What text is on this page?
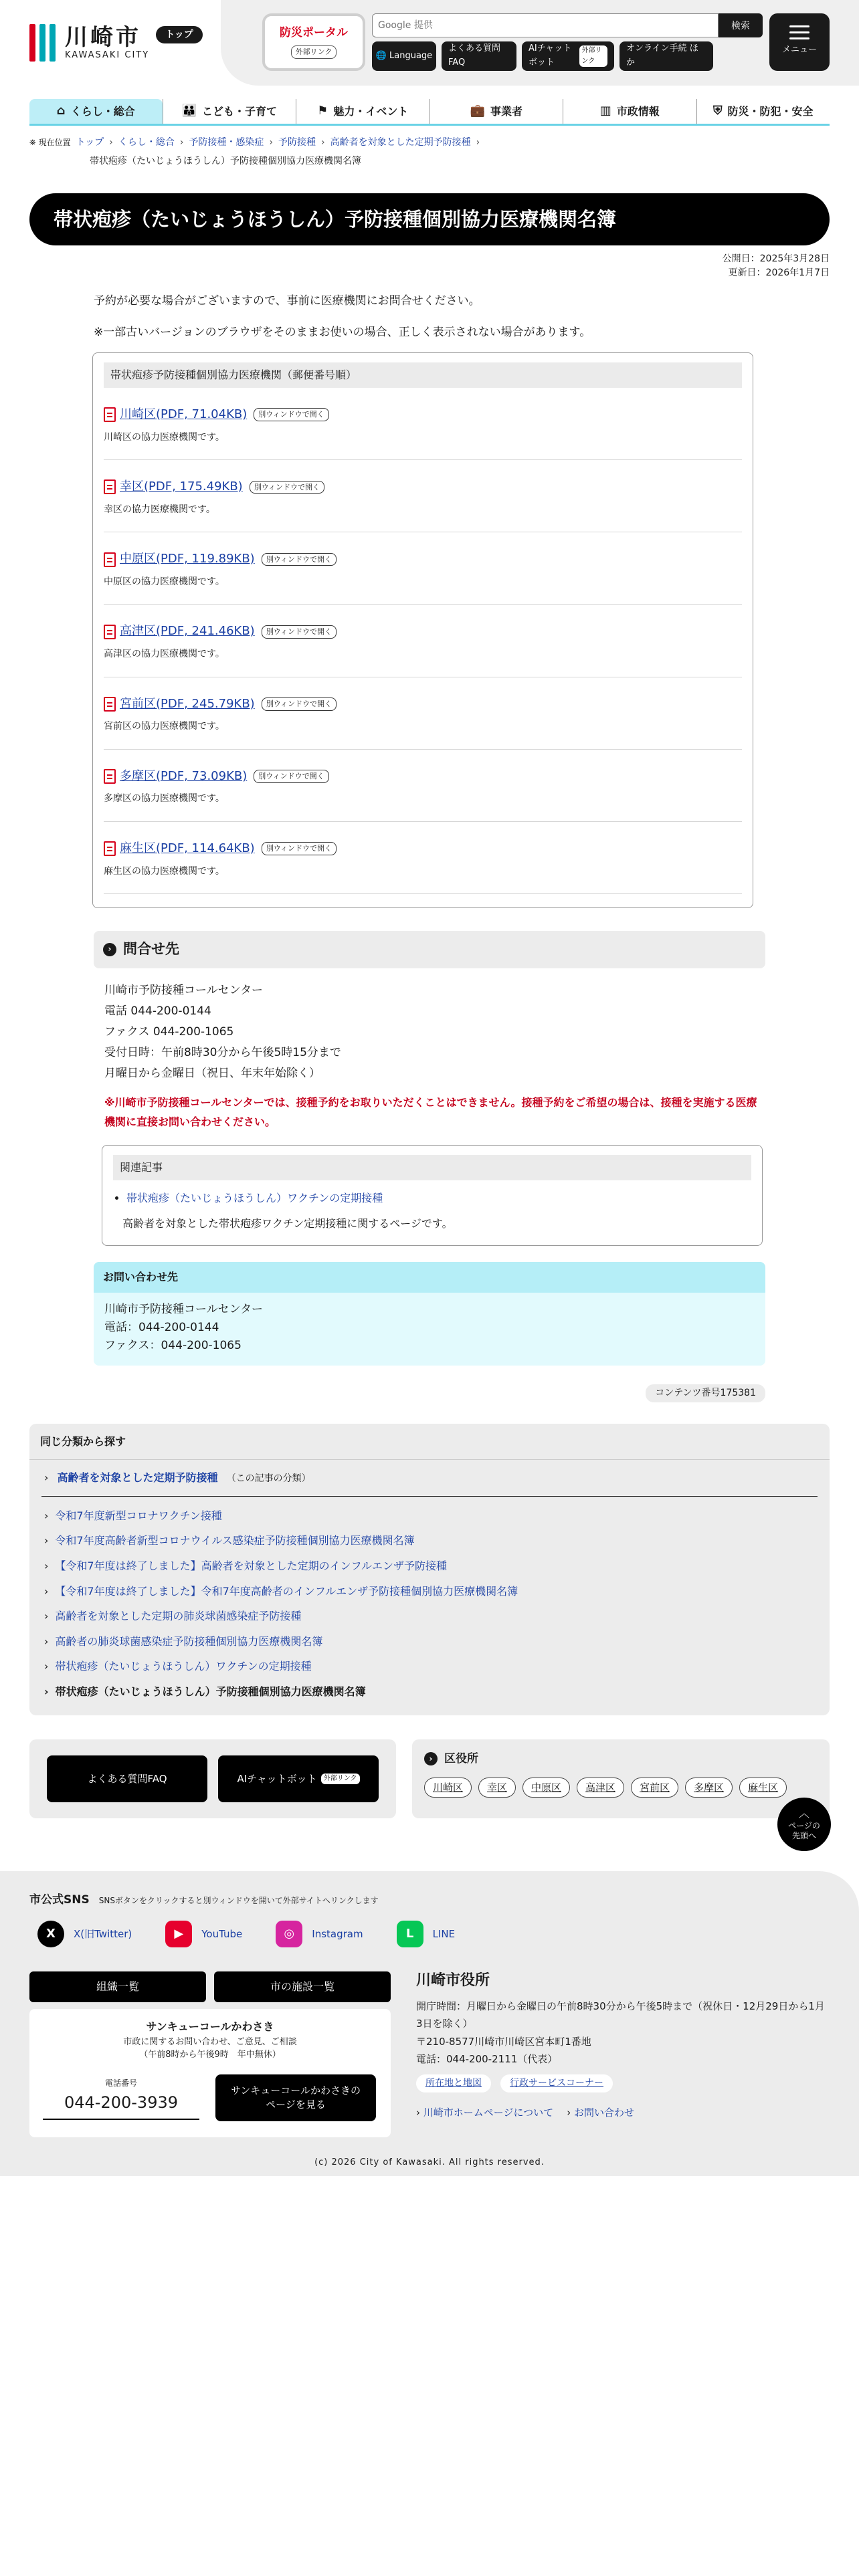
川崎市
KAWASAKI CITY
トップ	防災ポータル
外部リンク
Google 提供
検索
🌐 Language
よくある質問FAQ
AIチャットボット
外部リンク
オンライン手続 ほか
メニュー
⌂ くらし・総合	👪 こども・子育て	⚑ 魅力・イベント	💼 事業者	▥ 市政情報	⛨ 防災・防犯・安全
⛯ 現在位置 トップ › くらし・総合 › 予防接種・感染症 › 予防接種 › 高齢者を対象とした定期予防接種 ›
帯状疱疹（たいじょうほうしん）予防接種個別協力医療機関名簿
帯状疱疹（たいじょうほうしん）予防接種個別協力医療機関名簿
公開日：2025年3月28日
更新日：2026年1月7日

予約が必要な場合がございますので、事前に医療機関にお問合せください。

※一部古いバージョンのブラウザをそのままお使いの場合、正しく表示されない場合があります。

帯状疱疹予防接種個別協力医療機関（郵便番号順）
川崎区(PDF, 71.04KB)	別ウィンドウで開く
川崎区の協力医療機関です。
幸区(PDF, 175.49KB)	別ウィンドウで開く
幸区の協力医療機関です。
中原区(PDF, 119.89KB)	別ウィンドウで開く
中原区の協力医療機関です。
高津区(PDF, 241.46KB)	別ウィンドウで開く
高津区の協力医療機関です。
宮前区(PDF, 245.79KB)	別ウィンドウで開く
宮前区の協力医療機関です。
多摩区(PDF, 73.09KB)	別ウィンドウで開く
多摩区の協力医療機関です。
麻生区(PDF, 114.64KB)	別ウィンドウで開く
麻生区の協力医療機関です。
› 問合せ先
川崎市予防接種コールセンター
電話 044-200-0144
ファクス 044-200-1065
受付日時：午前8時30分から午後5時15分まで
月曜日から金曜日（祝日、年末年始除く）
※川崎市予防接種コールセンターでは、接種予約をお取りいただくことはできません。接種予約をご希望の場合は、接種を実施する医療機関に直接お問い合わせください。
関連記事
• 帯状疱疹（たいじょうほうしん）ワクチンの定期接種
高齢者を対象とした帯状疱疹ワクチン定期接種に関するページです。
お問い合わせ先
川崎市予防接種コールセンター
電話：044-200-0144
ファクス：044-200-1065
コンテンツ番号175381
同じ分類から探す
› 高齢者を対象とした定期予防接種 （この記事の分類）
› 令和7年度新型コロナワクチン接種
› 令和7年度高齢者新型コロナウイルス感染症予防接種個別協力医療機関名簿
› 【令和7年度は終了しました】高齢者を対象とした定期のインフルエンザ予防接種
› 【令和7年度は終了しました】令和7年度高齢者のインフルエンザ予防接種個別協力医療機関名簿
› 高齢者を対象とした定期の肺炎球菌感染症予防接種
› 高齢者の肺炎球菌感染症予防接種個別協力医療機関名簿
› 帯状疱疹（たいじょうほうしん）ワクチンの定期接種
› 帯状疱疹（たいじょうほうしん）予防接種個別協力医療機関名簿
よくある質問FAQ	AIチャットボット	外部リンク
›	区役所
川崎区	幸区	中原区	高津区	宮前区	多摩区	麻生区
︿
ページの
先頭へ
市公式SNS SNSボタンをクリックすると別ウィンドウを開いて外部サイトへリンクします
X	X(旧Twitter)	▶	YouTube	◎	Instagram	L	LINE
組織一覧	市の施設一覧
サンキューコールかわさき
市政に関するお問い合わせ、ご意見、ご相談
（午前8時から午後9時　年中無休）
電話番号
044-200-3939
サンキューコールかわさきのページを見る
川崎市役所
開庁時間：月曜日から金曜日の午前8時30分から午後5時まで（祝休日・12月29日から1月3日を除く）
〒210-8577川崎市川崎区宮本町1番地
電話：044-200-2111（代表）
所在地と地図	行政サービスコーナー
› 川崎市ホームページについて
›	お問い合わせ
(c) 2026 City of Kawasaki. All rights reserved.
